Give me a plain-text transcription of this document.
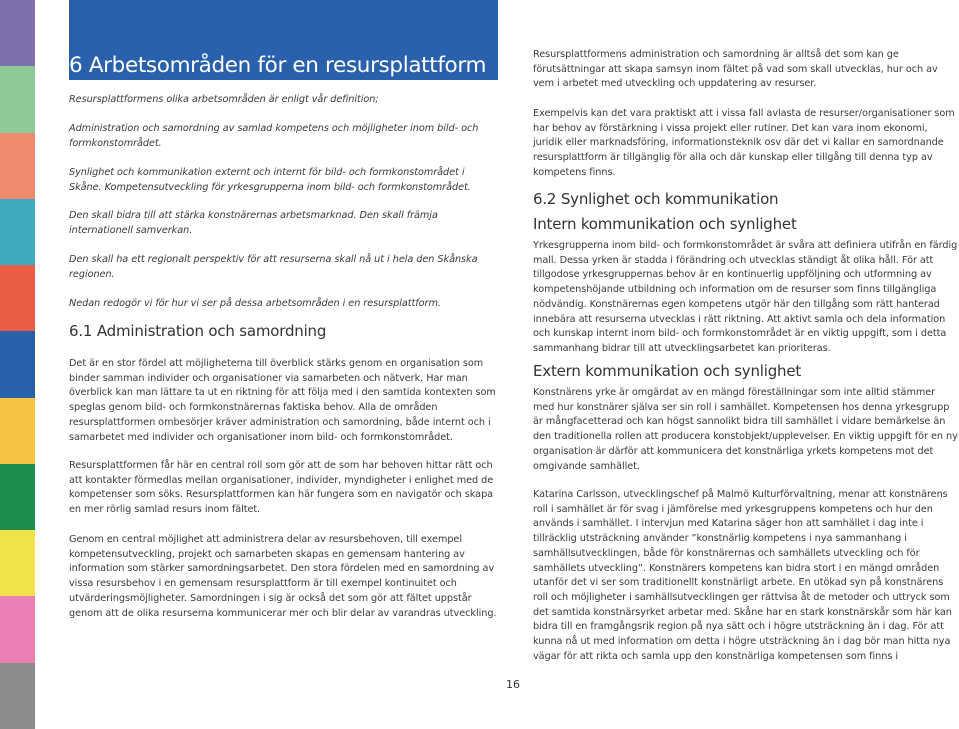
6 Arbetsområden för en resursplattform

Resursplattformens olika arbetsområden är enligt vår definition;

Administration och samordning av samlad kompetens och möjligheter inom bild- och formkonstområdet.

Synlighet och kommunikation externt och internt för bild- och formkonstområdet i Skåne. Kompetensutveckling för yrkesgrupperna inom bild- och formkonstområdet.

Den skall bidra till att stärka konstnärernas arbetsmarknad. Den skall främja internationell samverkan.

Den skall ha ett regionalt perspektiv för att resurserna skall nå ut i hela den Skånska regionen.

Nedan redogör vi för hur vi ser på dessa arbetsområden i en resursplattform.

6.1 Administration och samordning

Det är en stor fördel att möjligheterna till överblick stärks genom en organisation som binder samman individer och organisationer via samarbeten och nätverk. Har man överblick kan man lättare ta ut en riktning för att följa med i den samtida kontexten som speglas genom bild- och formkonstnärernas faktiska behov. Alla de områden resursplattformen ombesörjer kräver administration och samordning, både internt och i samarbetet med individer och organisationer inom bild- och formkonstområdet.

Resursplattformen får här en central roll som gör att de som har behoven hittar rätt och att kontakter förmedlas mellan organisationer, individer, myndigheter i enlighet med de kompetenser som söks. Resursplattformen kan här fungera som en navigatör och skapa en mer rörlig samlad resurs inom fältet.

Genom en central möjlighet att administrera delar av resursbehoven, till exempel kompetensutveckling, projekt och samarbeten skapas en gemensam hantering av information som stärker samordningsarbetet. Den stora fördelen med en samordning av vissa resursbehov i en gemensam resursplattform är till exempel kontinuitet och utvärderingsmöjligheter. Samordningen i sig är också det som gör att fältet uppstår genom att de olika resurserna kommunicerar mer och blir delar av varandras utveckling.

Resursplattformens administration och samordning är alltså det som kan ge förutsättningar att skapa samsyn inom fältet på vad som skall utvecklas, hur och av vem i arbetet med utveckling och uppdatering av resurser.

Exempelvis kan det vara praktiskt att i vissa fall avlasta de resurser/organisationer som har behov av förstärkning i vissa projekt eller rutiner. Det kan vara inom ekonomi, juridik eller marknadsföring, informationsteknik osv där det vi kallar en samordnande resursplattform är tillgänglig för alla och där kunskap eller tillgång till denna typ av kompetens finns.

6.2 Synlighet och kommunikation
Intern kommunikation och synlighet

Yrkesgrupperna inom bild- och formkonstområdet är svåra att definiera utifrån en färdig mall. Dessa yrken är stadda i förändring och utvecklas ständigt åt olika håll. För att tillgodose yrkesgruppernas behov är en kontinuerlig uppföljning och utformning av kompetenshöjande utbildning och information om de resurser som finns tillgängliga nödvändig. Konstnärernas egen kompetens utgör här den tillgång som rätt hanterad innebära att resurserna utvecklas i rätt riktning. Att aktivt samla och dela information och kunskap internt inom bild- och formkonstområdet är en viktig uppgift, som i detta sammanhang bidrar till att utvecklingsarbetet kan prioriteras.

Extern kommunikation och synlighet

Konstnärens yrke är omgärdat av en mängd föreställningar som inte alltid stämmer med hur konstnärer själva ser sin roll i samhället. Kompetensen hos denna yrkesgrupp är mångfacetterad och kan högst sannolikt bidra till samhället i vidare bemärkelse än den traditionella rollen att producera konstobjekt/upplevelser. En viktig uppgift för en ny organisation är därför att kommunicera det konstnärliga yrkets kompetens mot det omgivande samhället.

Katarina Carlsson, utvecklingschef på Malmö Kulturförvaltning, menar att konstnärens roll i samhället är för svag i jämförelse med yrkesgruppens kompetens och hur den används i samhället. I intervjun med Katarina säger hon att samhället i dag inte i tillräcklig utsträckning använder ”konstnärlig kompetens i nya sammanhang i samhällsutvecklingen, både för konstnärernas och samhällets utveckling och för samhällets utveckling”. Konstnärers kompetens kan bidra stort i en mängd områden utanför det vi ser som traditionellt konstnärligt arbete. En utökad syn på konstnärens roll och möjligheter i samhällsutvecklingen ger rättvisa åt de metoder och uttryck som det samtida konstnärsyrket arbetar med. Skåne har en stark konstnärskår som här kan bidra till en framgångsrik region på nya sätt och i högre utsträckning än i dag. För att kunna nå ut med information om detta i högre utsträckning än i dag bör man hitta nya vägar för att rikta och samla upp den konstnärliga kompetensen som finns i

16
